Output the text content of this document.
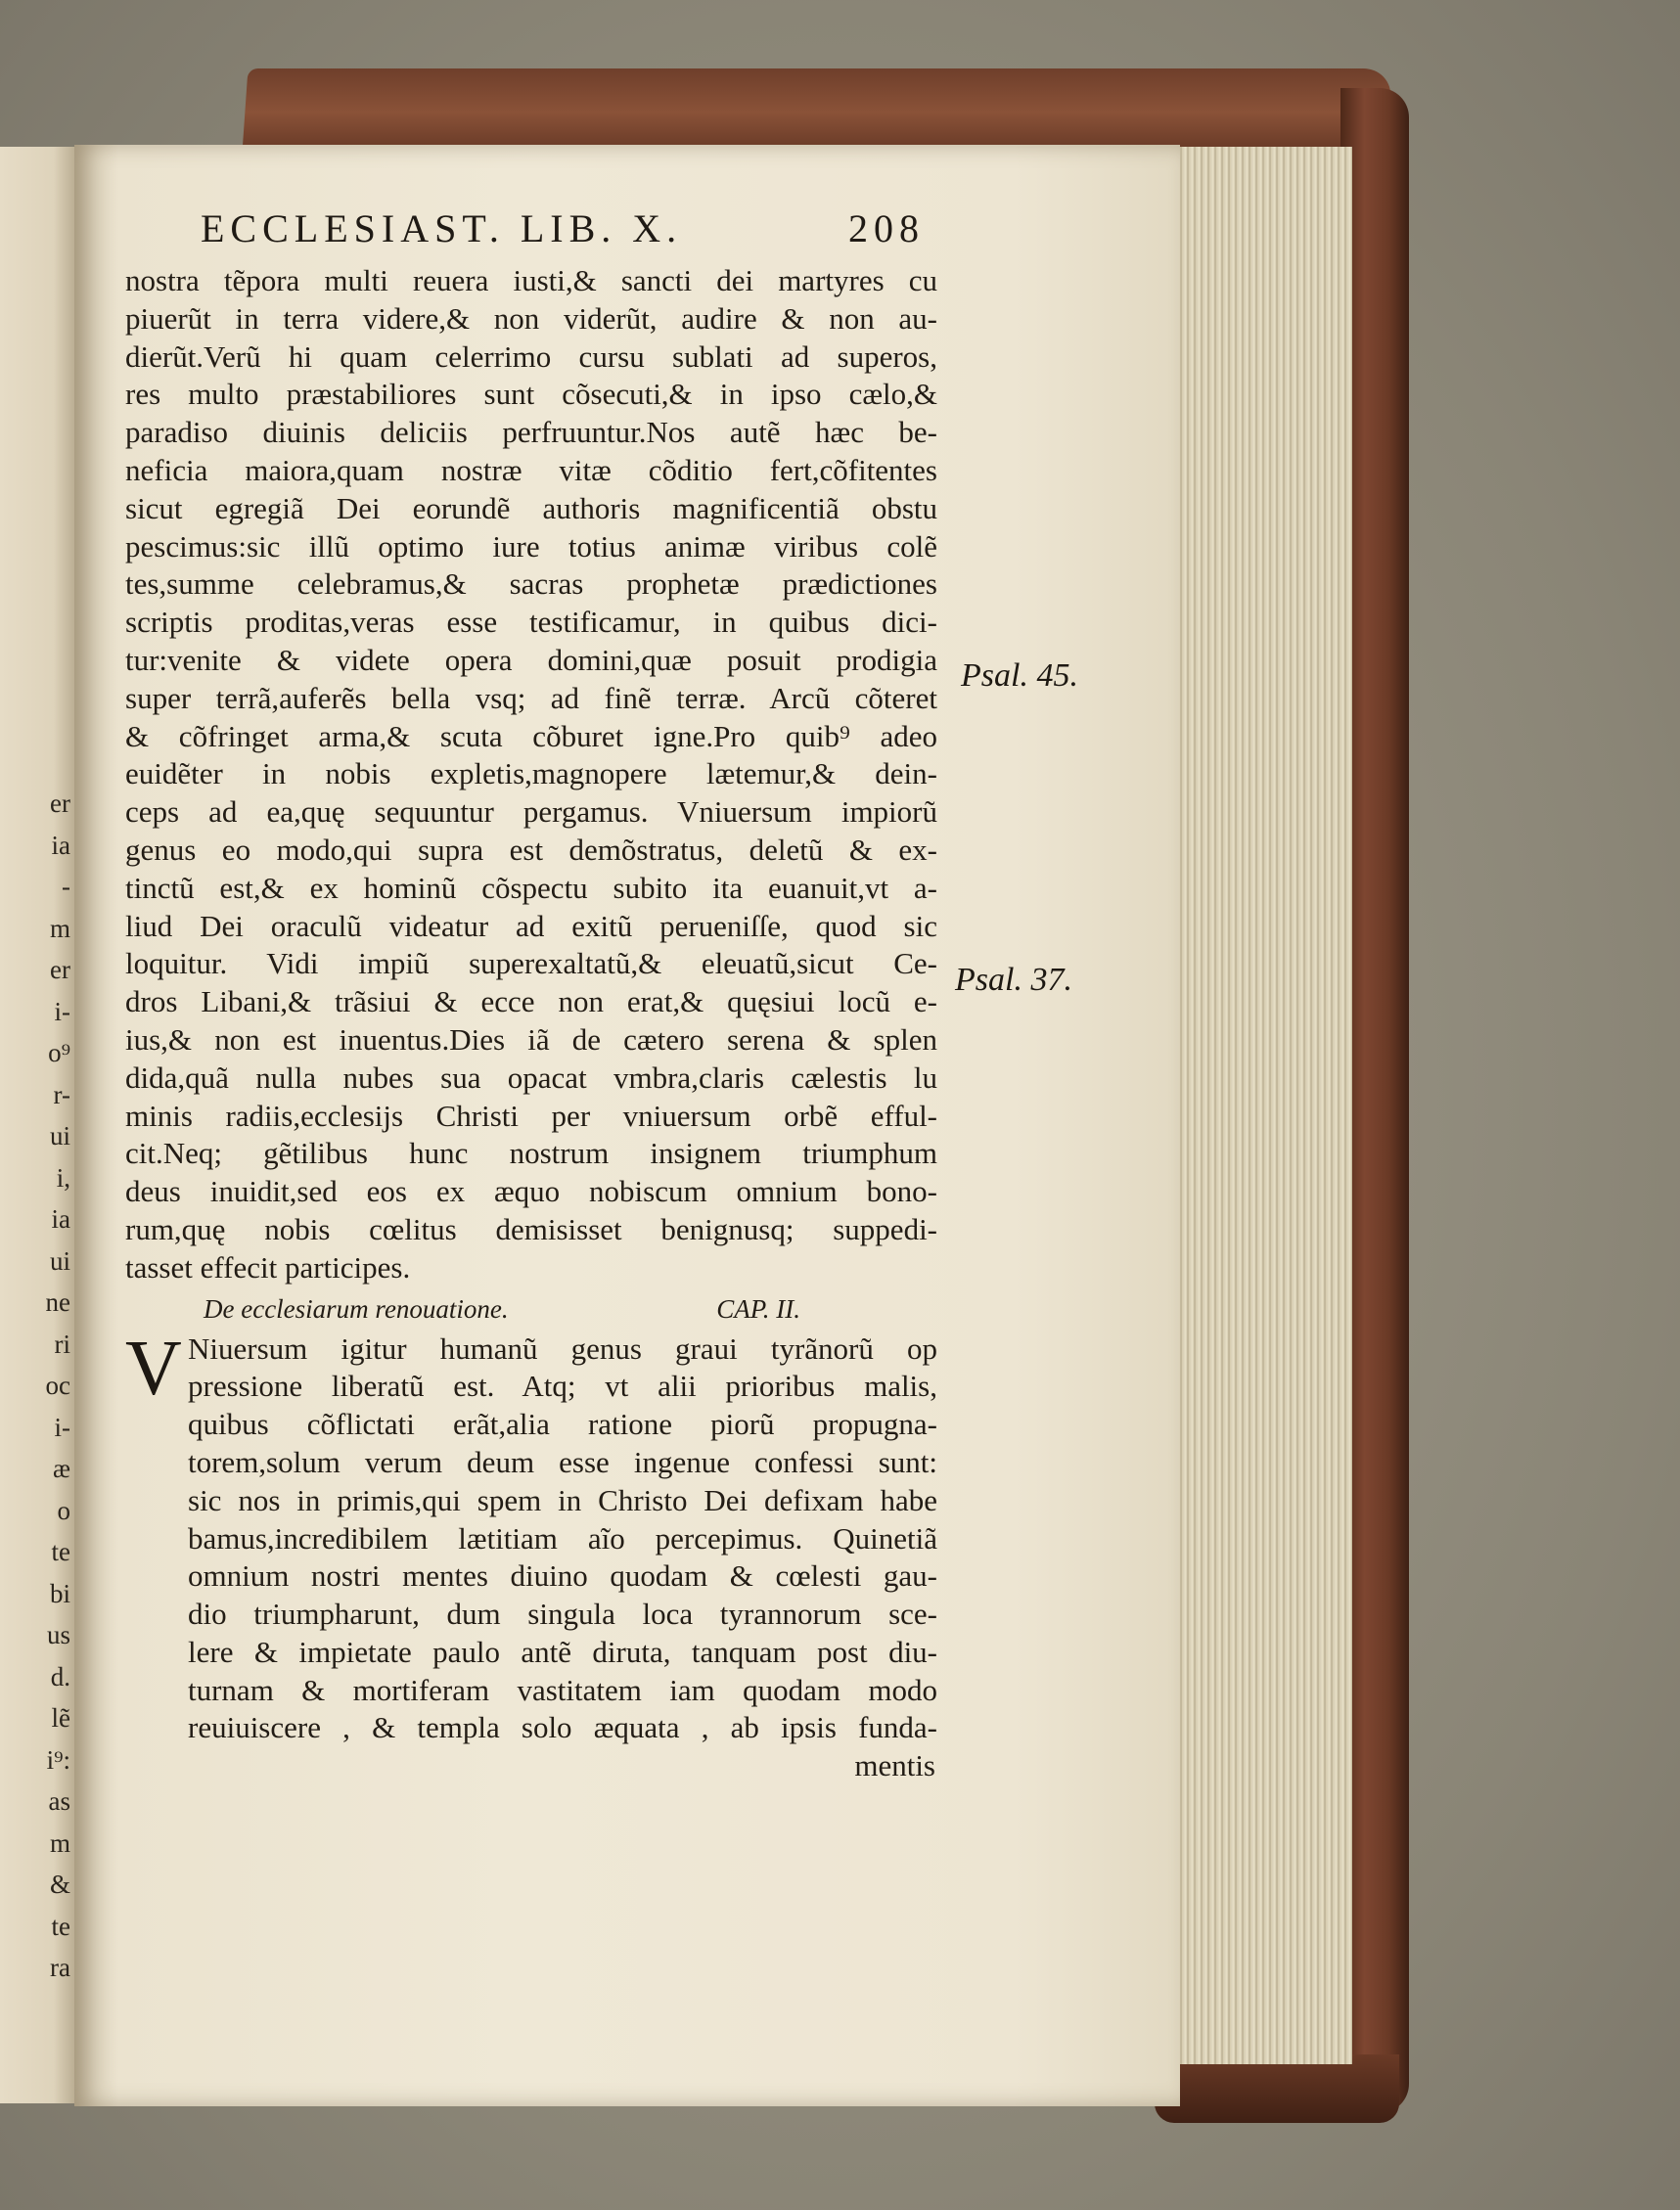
er
ia
-
m
er
i-
o⁹
r-
ui
i,
ia
ui
ne
ri
oc
i-
æ
o
te
bi
us
d.
lẽ
i⁹:
as
m
&
te
ra
ECCLESIAST. LIB. X.	208
nostra tẽpora multi reuera iusti,& sancti dei martyres cu
piuerũt in terra videre,& non viderũt, audire & non au-
dierũt.Verũ hi quam celerrimo cursu sublati ad superos,
res multo præstabiliores sunt cõsecuti,& in ipso cælo,&
paradiso diuinis deliciis perfruuntur.Nos autẽ hæc be-
neficia maiora,quam nostræ vitæ cõditio fert,cõfitentes
sicut egregiã Dei eorundẽ authoris magnificentiã obstu
pescimus:sic illũ optimo iure totius animæ viribus colẽ
tes,summe celebramus,& sacras prophetæ prædictiones
scriptis proditas,veras esse testificamur, in quibus dici-
tur:venite & videte opera domini,quæ posuit prodigia
super terrã,auferẽs bella vsq; ad finẽ terræ. Arcũ cõteret
& cõfringet arma,& scuta cõburet igne.Pro quib⁹ adeo
euidẽter in nobis expletis,magnopere lætemur,& dein-
ceps ad ea,quę sequuntur pergamus. Vniuersum impiorũ
genus eo modo,qui supra est demõstratus, deletũ & ex-
tinctũ est,& ex hominũ cõspectu subito ita euanuit,vt a-
liud Dei oraculũ videatur ad exitũ perueniſſe, quod sic
loquitur. Vidi impiũ superexaltatũ,& eleuatũ,sicut Ce-
dros Libani,& trãsiui & ecce non erat,& quęsiui locũ e-
ius,& non est inuentus.Dies iã de cætero serena & splen
dida,quã nulla nubes sua opacat vmbra,claris cælestis lu
minis radiis,ecclesijs Christi per vniuersum orbẽ efful-
cit.Neq; gẽtilibus hunc nostrum insignem triumphum
deus inuidit,sed eos ex æquo nobiscum omnium bono-
rum,quę nobis cœlitus demisisset benignusq; suppedi-
tasset effecit participes.
De ecclesiarum renouatione.	CAP. II.
V Niuersum igitur humanũ genus graui tyrãnorũ op
pressione liberatũ est. Atq; vt alii prioribus malis,
quibus cõflictati erãt,alia ratione piorũ propugna-
torem,solum verum deum esse ingenue confessi sunt:
sic nos in primis,qui spem in Christo Dei defixam habe
bamus,incredibilem lætitiam aĩo percepimus. Quinetiã
omnium nostri mentes diuino quodam & cœlesti gau-
dio triumpharunt, dum singula loca tyrannorum sce-
lere & impietate paulo antẽ diruta, tanquam post diu-
turnam & mortiferam vastitatem iam quodam modo
reuiuiscere , & templa solo æquata , ab ipsis funda-
mentis
Psal. 45.
Psal. 37.
